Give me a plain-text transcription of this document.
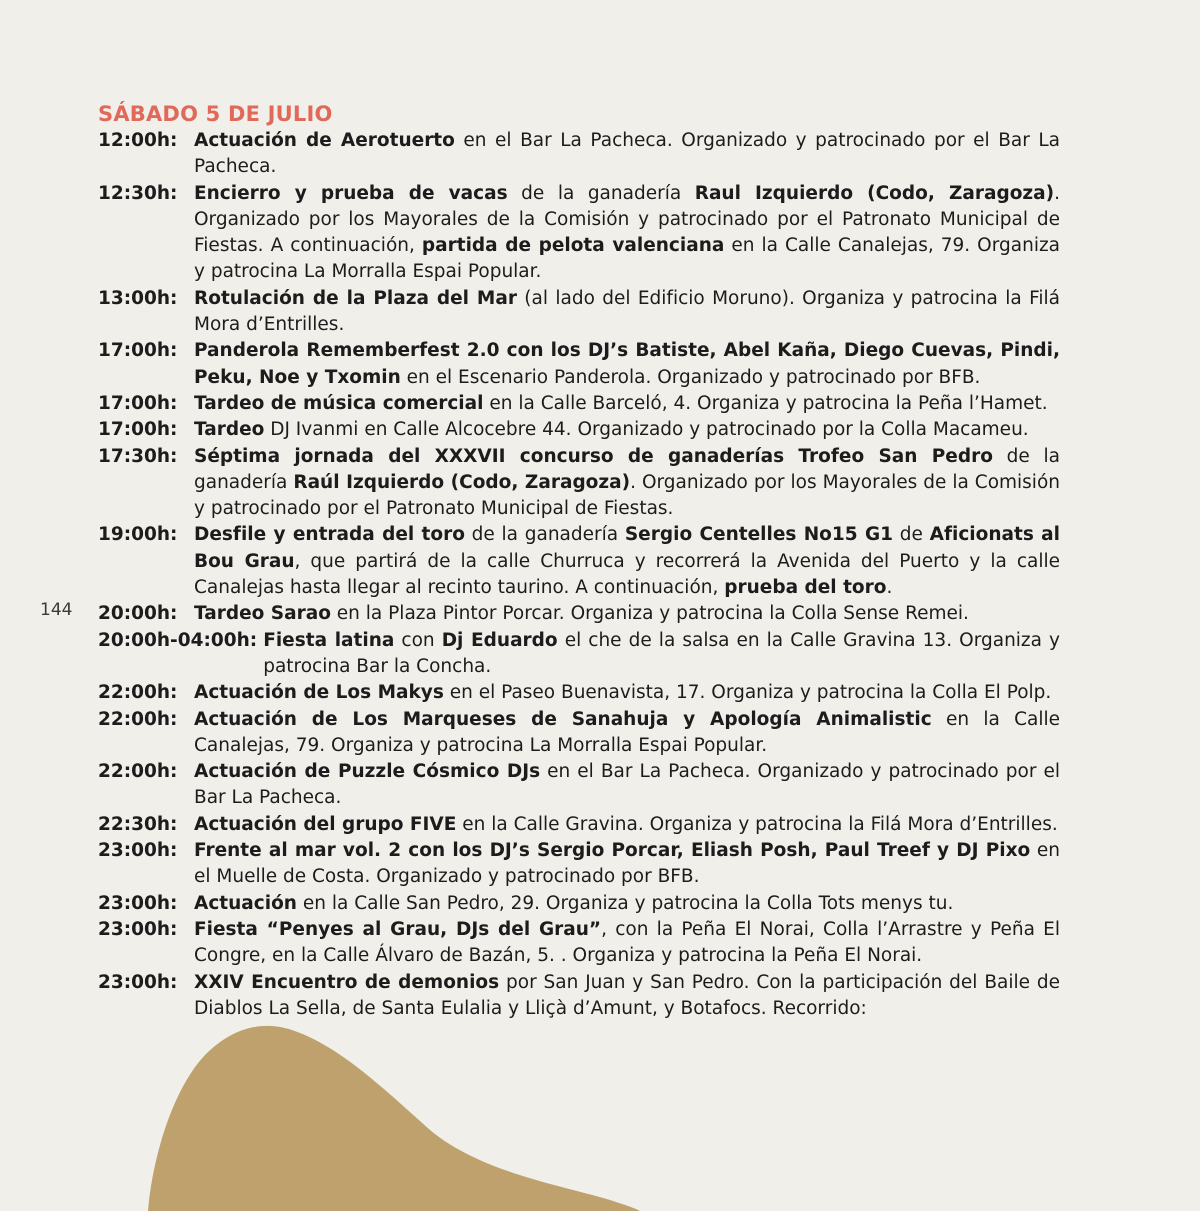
144
SÁBADO 5 DE JULIO
12:00h: Actuación de Aerotuerto en el Bar La Pacheca. Organizado y patrocinado por el Bar La Pacheca.
12:30h: Encierro y prueba de vacas de la ganadería Raul Izquierdo (Codo, Zaragoza). Organizado por los Mayorales de la Comisión y patrocinado por el Patronato Municipal de Fiestas. A continuación, partida de pelota valenciana en la Calle Canalejas, 79. Organiza y patrocina La Morralla Espai Popular.
13:00h: Rotulación de la Plaza del Mar (al lado del Edificio Moruno). Organiza y patrocina la Filá Mora d’Entrilles.
17:00h: Panderola Rememberfest 2.0 con los DJ’s Batiste, Abel Kaña, Diego Cuevas, Pindi, Peku, Noe y Txomin en el Escenario Panderola. Organizado y patrocinado por BFB.
17:00h: Tardeo de música comercial en la Calle Barceló, 4. Organiza y patrocina la Peña l’Hamet.
17:00h: Tardeo DJ Ivanmi en Calle Alcocebre 44. Organizado y patrocinado por la Colla Macameu.
17:30h: Séptima jornada del XXXVII concurso de ganaderías Trofeo San Pedro de la ganadería Raúl Izquierdo (Codo, Zaragoza). Organizado por los Mayorales de la Comisión y patrocinado por el Patronato Municipal de Fiestas.
19:00h: Desfile y entrada del toro de la ganadería Sergio Centelles No15 G1 de Aficionats al Bou Grau, que partirá de la calle Churruca y recorrerá la Avenida del Puerto y la calle Canalejas hasta llegar al recinto taurino. A continuación, prueba del toro.
20:00h: Tardeo Sarao en la Plaza Pintor Porcar. Organiza y patrocina la Colla Sense Remei.
20:00h-04:00h: Fiesta latina con Dj Eduardo el che de la salsa en la Calle Gravina 13. Organiza y patrocina Bar la Concha.
22:00h: Actuación de Los Makys en el Paseo Buenavista, 17. Organiza y patrocina la Colla El Polp.
22:00h: Actuación de Los Marqueses de Sanahuja y Apología Animalistic en la Calle Canalejas, 79. Organiza y patrocina La Morralla Espai Popular.
22:00h: Actuación de Puzzle Cósmico DJs en el Bar La Pacheca. Organizado y patrocinado por el Bar La Pacheca.
22:30h: Actuación del grupo FIVE en la Calle Gravina. Organiza y patrocina la Filá Mora d’Entrilles.
23:00h: Frente al mar vol. 2 con los DJ’s Sergio Porcar, Eliash Posh, Paul Treef y DJ Pixo en el Muelle de Costa. Organizado y patrocinado por BFB.
23:00h: Actuación en la Calle San Pedro, 29. Organiza y patrocina la Colla Tots menys tu.
23:00h: Fiesta “Penyes al Grau, DJs del Grau”, con la Peña El Norai, Colla l’Arrastre y Peña El Congre, en la Calle Álvaro de Bazán, 5. . Organiza y patrocina la Peña El Norai.
23:00h: XXIV Encuentro de demonios por San Juan y San Pedro. Con la participación del Baile de Diablos La Sella, de Santa Eulalia y Lliçà d’Amunt, y Botafocs. Recorrido:
